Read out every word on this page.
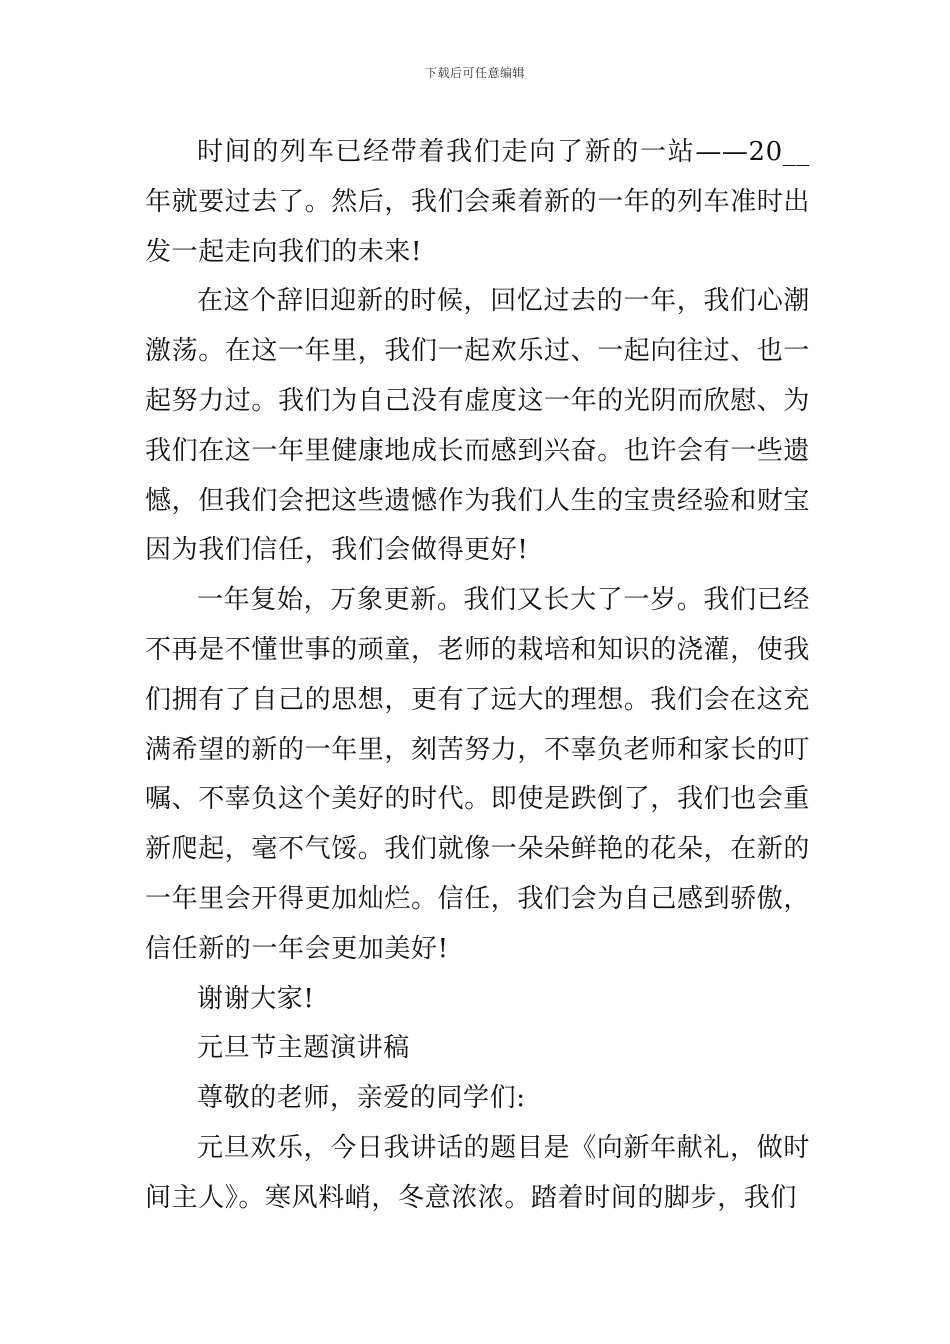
下载后可任意编辑

时间的列车已经带着我们走向了新的一站——20__年就要过去了。然后，我们会乘着新的一年的列车准时出发一起走向我们的未来!

在这个辞旧迎新的时候，回忆过去的一年，我们心潮激荡。在这一年里，我们一起欢乐过、一起向往过、也一起努力过。我们为自己没有虚度这一年的光阴而欣慰、为我们在这一年里健康地成长而感到兴奋。也许会有一些遗憾，但我们会把这些遗憾作为我们人生的宝贵经验和财宝因为我们信任，我们会做得更好!

一年复始，万象更新。我们又长大了一岁。我们已经不再是不懂世事的顽童，老师的栽培和知识的浇灌，使我们拥有了自己的思想，更有了远大的理想。我们会在这充满希望的新的一年里，刻苦努力，不辜负老师和家长的叮嘱、不辜负这个美好的时代。即使是跌倒了，我们也会重新爬起，毫不气馁。我们就像一朵朵鲜艳的花朵，在新的一年里会开得更加灿烂。信任，我们会为自己感到骄傲，信任新的一年会更加美好!

谢谢大家!

元旦节主题演讲稿

尊敬的老师，亲爱的同学们:

元旦欢乐，今日我讲话的题目是《向新年献礼，做时间主人》。寒风料峭，冬意浓浓。踏着时间的脚步，我们
